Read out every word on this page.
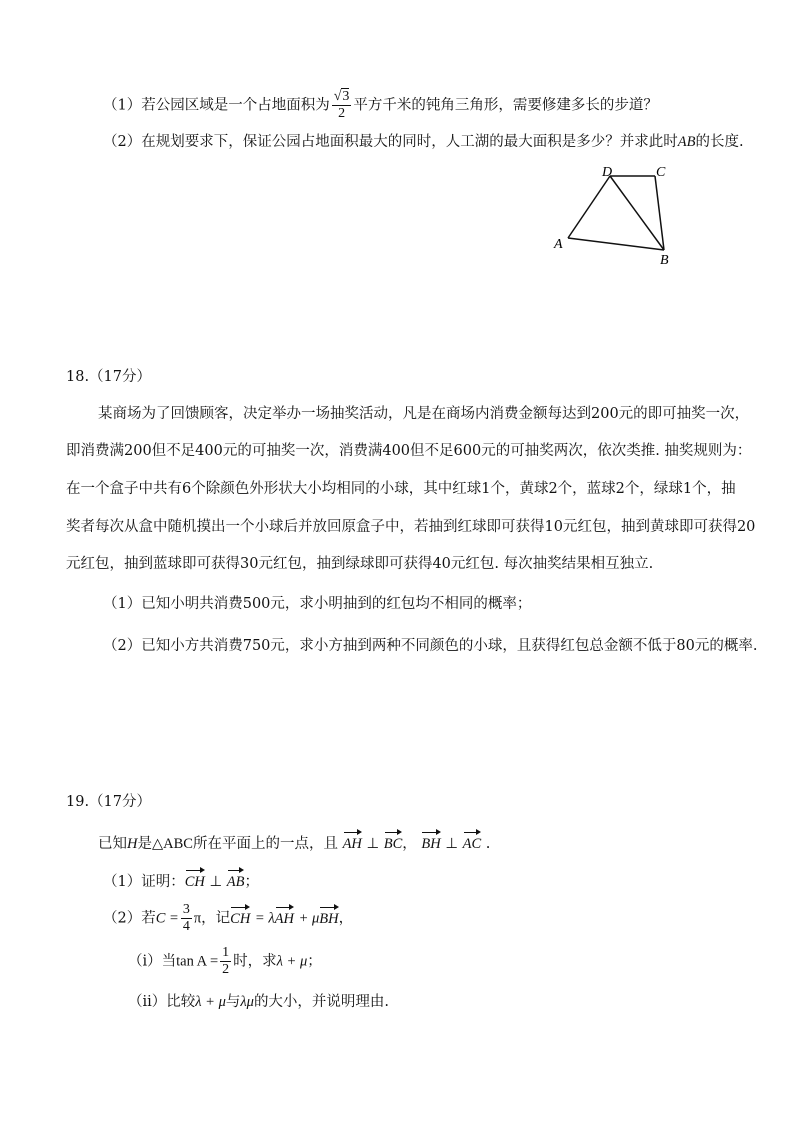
（1）若公园区域是一个占地面积为 $\frac{√3}{2}$ 平方千米的钝角三角形，需要修建多长的步道？
（2）在规划要求下，保证公园占地面积最大的同时，人工湖的最大面积是多少？并求此时AB的长度.
D	C
A
B
18.（17分）
某商场为了回馈顾客，决定举办一场抽奖活动，凡是在商场内消费金额每达到200元的即可抽奖一次，
即消费满200但不足400元的可抽奖一次，消费满400但不足600元的可抽奖两次，依次类推. 抽奖规则为：
在一个盒子中共有6个除颜色外形状大小均相同的小球，其中红球1个，黄球2个，蓝球2个，绿球1个，抽
奖者每次从盒中随机摸出一个小球后并放回原盒子中，若抽到红球即可获得10元红包，抽到黄球即可获得20
元红包，抽到蓝球即可获得30元红包，抽到绿球即可获得40元红包. 每次抽奖结果相互独立.
（1）已知小明共消费500元，求小明抽到的红包均不相同的概率；
（2）已知小方共消费750元，求小方抽到两种不同颜色的小球，且获得红包总金额不低于80元的概率.
19.（17分）
已知H是△ABC所在平面上的一点，且 AH ⊥ BC， BH ⊥ AC .
（1）证明：CH ⊥ AB；
（2）若$C = \frac{3}{4}$ π，记CH = λAH + μBH，
（i）当$\tan A = \frac{1}{2}$ 时，求λ + μ；
（ii）比较λ + μ与λμ的大小，并说明理由.
